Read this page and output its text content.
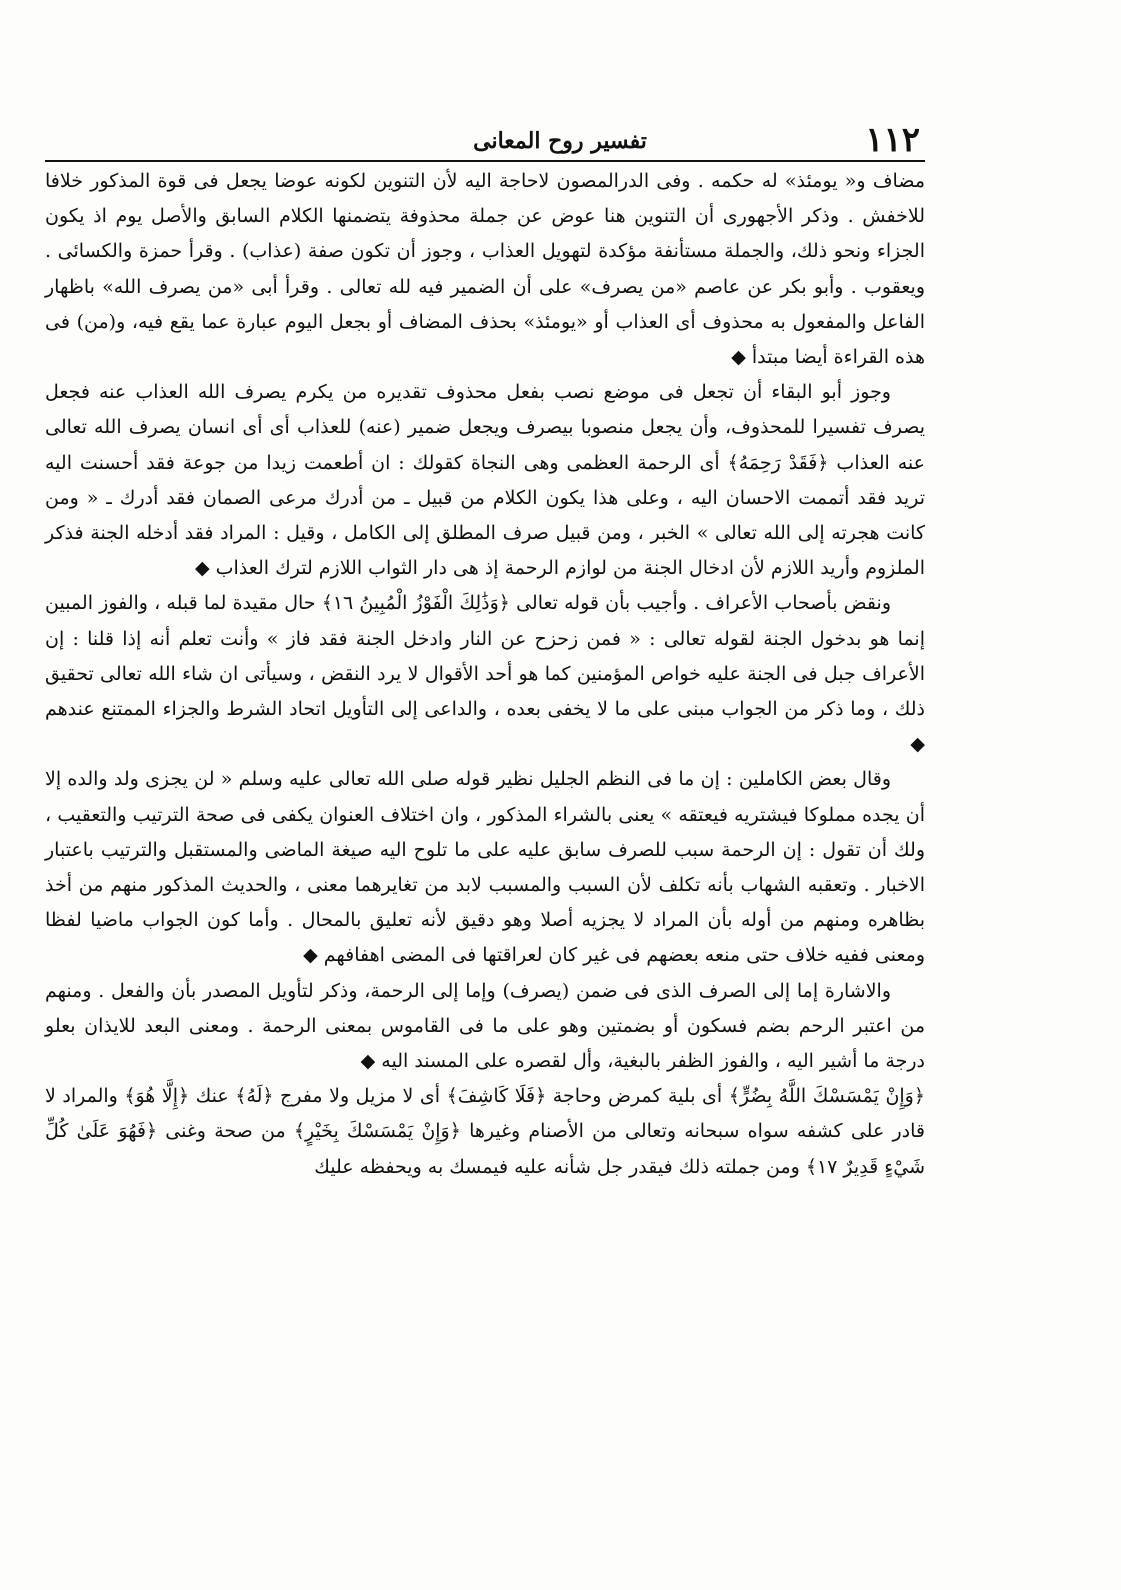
١١٢
تفسير روح المعانى

مضاف و« يومئذ» له حكمه . وفى الدرالمصون لاحاجة اليه لأن التنوين لكونه عوضا يجعل فى قوة المذكور خلافا للاخفش . وذكر الأجهورى أن التنوين هنا عوض عن جملة محذوفة يتضمنها الكلام السابق والأصل يوم اذ يكون الجزاء ونحو ذلك، والجملة مستأنفة مؤكدة لتهويل العذاب ، وجوز أن تكون صفة (عذاب) . وقرأ حمزة والكسائى . ويعقوب . وأبو بكر عن عاصم «من يصرف» على أن الضمير فيه لله تعالى . وقرأ أبى «من يصرف الله» باظهار الفاعل والمفعول به محذوف أى العذاب أو «يومئذ» بحذف المضاف أو بجعل اليوم عبارة عما يقع فيه، و(من) فى هذه القراءة أيضا مبتدأ ◆

وجوز أبو البقاء أن تجعل فى موضع نصب بفعل محذوف تقديره من يكرم يصرف الله العذاب عنه فجعل يصرف تفسيرا للمحذوف، وأن يجعل منصوبا بيصرف ويجعل ضمير (عنه) للعذاب أى أى انسان يصرف الله تعالى عنه العذاب ﴿فَقَدْ رَحِمَهُ﴾ أى الرحمة العظمى وهى النجاة كقولك : ان أطعمت زيدا من جوعة فقد أحسنت اليه تريد فقد أتممت الاحسان اليه ، وعلى هذا يكون الكلام من قبيل ـ من أدرك مرعى الصمان فقد أدرك ـ « ومن كانت هجرته إلى الله تعالى » الخبر ، ومن قبيل صرف المطلق إلى الكامل ، وقيل : المراد فقد أدخله الجنة فذكر الملزوم وأريد اللازم لأن ادخال الجنة من لوازم الرحمة إذ هى دار الثواب اللازم لترك العذاب ◆

ونقض بأصحاب الأعراف . وأجيب بأن قوله تعالى ﴿وَذَٰلِكَ الْفَوْزُ الْمُبِينُ ١٦﴾ حال مقيدة لما قبله ، والفوز المبين إنما هو بدخول الجنة لقوله تعالى : « فمن زحزح عن النار وادخل الجنة فقد فاز » وأنت تعلم أنه إذا قلنا : إن الأعراف جبل فى الجنة عليه خواص المؤمنين كما هو أحد الأقوال لا يرد النقض ، وسيأتى ان شاء الله تعالى تحقيق ذلك ، وما ذكر من الجواب مبنى على ما لا يخفى بعده ، والداعى إلى التأويل اتحاد الشرط والجزاء الممتنع عندهم ◆

وقال بعض الكاملين : إن ما فى النظم الجليل نظير قوله صلى الله تعالى عليه وسلم « لن يجزى ولد والده إلا أن يجده مملوكا فيشتريه فيعتقه » يعنى بالشراء المذكور ، وان اختلاف العنوان يكفى فى صحة الترتيب والتعقيب ، ولك أن تقول : إن الرحمة سبب للصرف سابق عليه على ما تلوح اليه صيغة الماضى والمستقبل والترتيب باعتبار الاخبار . وتعقبه الشهاب بأنه تكلف لأن السبب والمسبب لابد من تغايرهما معنى ، والحديث المذكور منهم من أخذ بظاهره ومنهم من أوله بأن المراد لا يجزيه أصلا وهو دقيق لأنه تعليق بالمحال . وأما كون الجواب ماضيا لفظا ومعنى ففيه خلاف حتى منعه بعضهم فى غير كان لعراقتها فى المضى اهفافهم ◆

والاشارة إما إلى الصرف الذى فى ضمن (يصرف) وإما إلى الرحمة، وذكر لتأويل المصدر بأن والفعل . ومنهم من اعتبر الرحم بضم فسكون أو بضمتين وهو على ما فى القاموس بمعنى الرحمة . ومعنى البعد للايذان بعلو درجة ما أشير اليه ، والفوز الظفر بالبغية، وأل لقصره على المسند اليه ◆

﴿وَإِنْ يَمْسَسْكَ اللَّهُ بِضُرٍّ﴾ أى بلية كمرض وحاجة ﴿فَلَا كَاشِفَ﴾ أى لا مزيل ولا مفرج ﴿لَهُ﴾ عنك ﴿إِلَّا هُوَ﴾ والمراد لا قادر على كشفه سواه سبحانه وتعالى من الأصنام وغيرها ﴿وَإِنْ يَمْسَسْكَ بِخَيْرٍ﴾ من صحة وغنى ﴿فَهُوَ عَلَىٰ كُلِّ شَيْءٍ قَدِيرٌ ١٧﴾ ومن جملته ذلك فيقدر جل شأنه عليه فيمسك به ويحفظه عليك
